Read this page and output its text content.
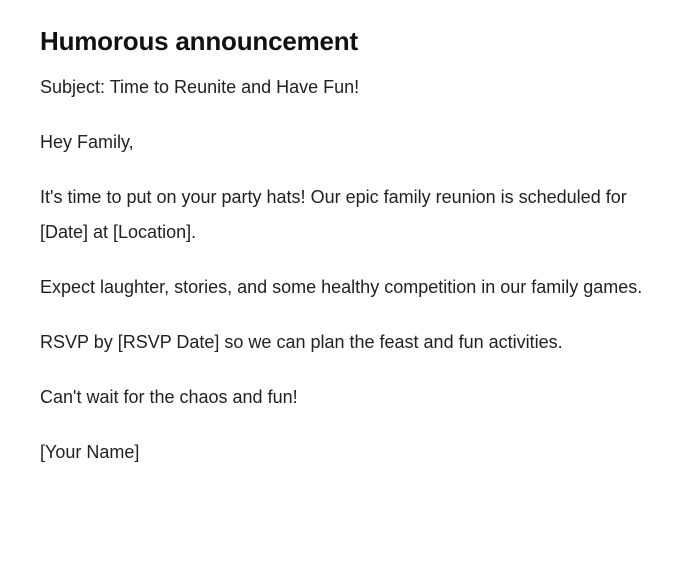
Humorous announcement

Subject: Time to Reunite and Have Fun!

Hey Family,

It's time to put on your party hats! Our epic family reunion is scheduled for [Date] at [Location].

Expect laughter, stories, and some healthy competition in our family games.

RSVP by [RSVP Date] so we can plan the feast and fun activities.

Can't wait for the chaos and fun!

[Your Name]
